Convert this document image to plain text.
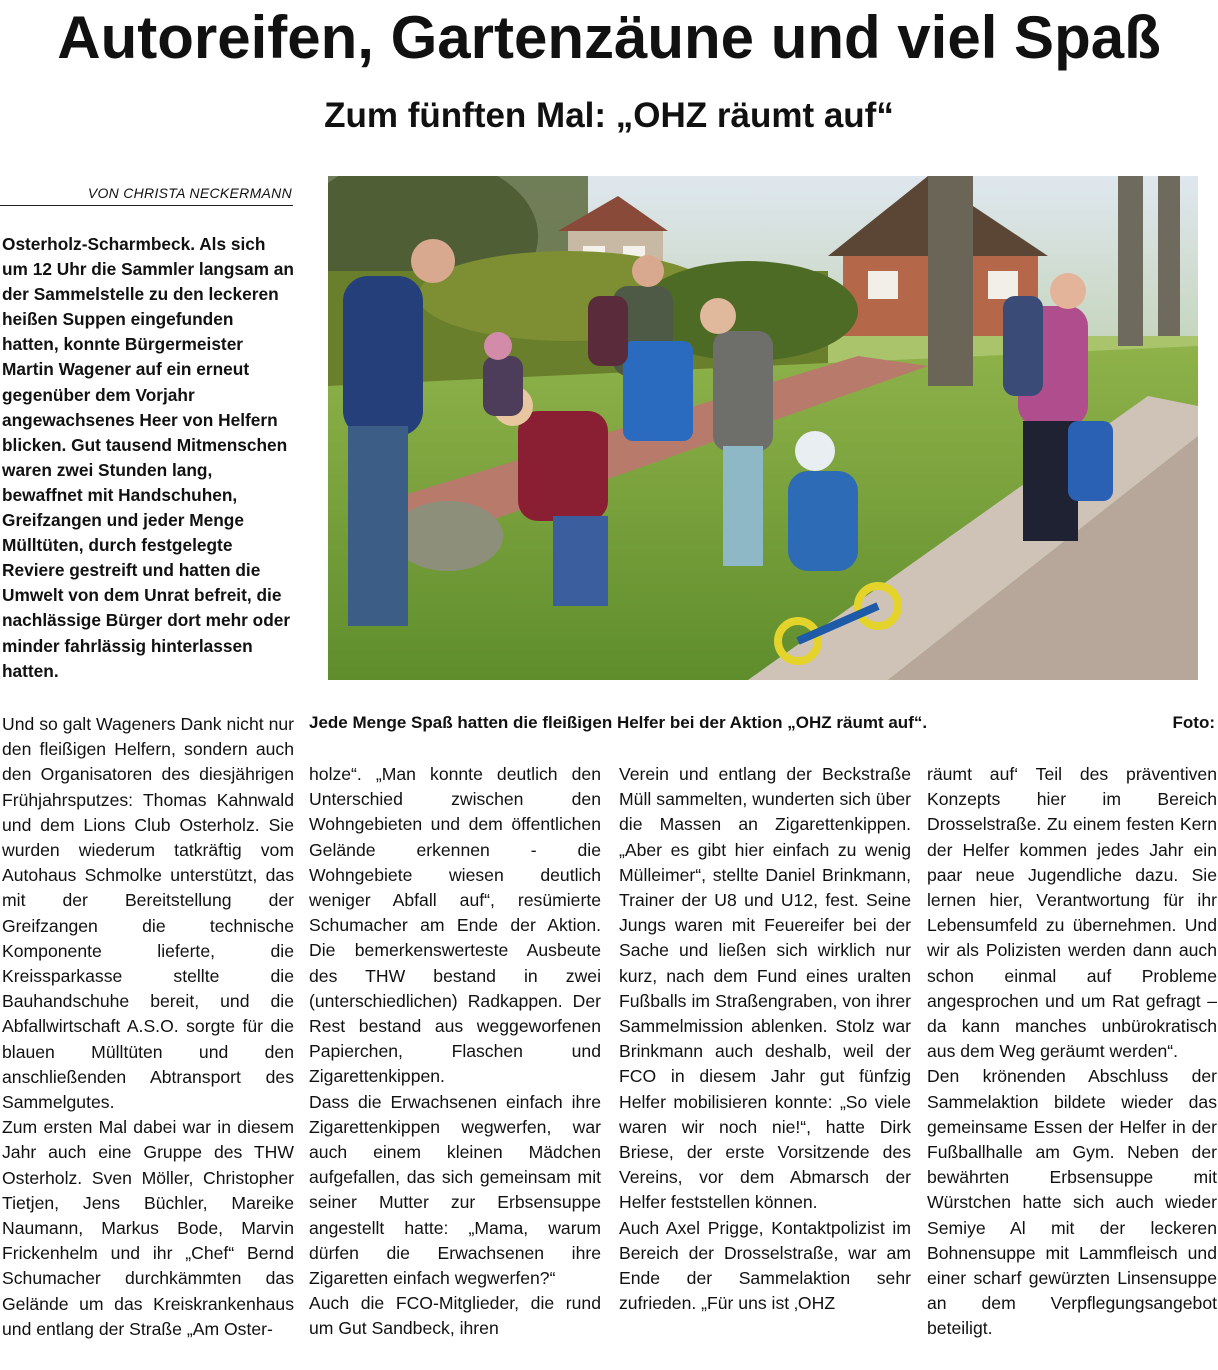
Autoreifen, Gartenzäune und viel Spaß
Zum fünften Mal: „OHZ räumt auf“
VON CHRISTA NECKERMANN

Osterholz-Scharmbeck. Als sich um 12 Uhr die Sammler langsam an der Sammelstelle zu den leckeren heißen Suppen eingefunden hatten, konnte Bürgermeister Martin Wagener auf ein erneut gegenüber dem Vorjahr angewachsenes Heer von Helfern blicken. Gut tausend Mitmenschen waren zwei Stunden lang, bewaffnet mit Handschuhen, Greifzangen und jeder Menge Mülltüten, durch festgelegte Reviere gestreift und hatten die Umwelt von dem Unrat befreit, die nachlässige Bürger dort mehr oder minder fahrlässig hinterlassen hatten.

Jede Menge Spaß hatten die fleißigen Helfer bei der Aktion „OHZ räumt auf“.	Foto:

Und so galt Wageners Dank nicht nur den fleißigen Helfern, sondern auch den Organisatoren des diesjährigen Frühjahrsputzes: Thomas Kahnwald und dem Lions Club Osterholz. Sie wurden wiederum tatkräftig vom Autohaus Schmolke unterstützt, das mit der Bereitstellung der Greifzangen die technische Komponente lieferte, die Kreissparkasse stellte die Bauhandschuhe bereit, und die Abfallwirtschaft A.S.O. sorgte für die blauen Mülltüten und den anschließenden Abtransport des Sammelgutes.

Zum ersten Mal dabei war in diesem Jahr auch eine Gruppe des THW Osterholz. Sven Möller, Christopher Tietjen, Jens Büchler, Mareike Naumann, Markus Bode, Marvin Frickenhelm und ihr „Chef“ Bernd Schumacher durchkämmten das Gelände um das Kreiskrankenhaus und entlang der Straße „Am Oster-

holze“. „Man konnte deutlich den Unterschied zwischen den Wohngebieten und dem öffentlichen Gelände erkennen - die Wohngebiete wiesen deutlich weniger Abfall auf“, resümierte Schumacher am Ende der Aktion. Die bemerkenswerteste Ausbeute des THW bestand in zwei (unterschiedlichen) Radkappen. Der Rest bestand aus weggeworfenen Papierchen, Flaschen und Zigarettenkippen.

Dass die Erwachsenen einfach ihre Zigarettenkippen wegwerfen, war auch einem kleinen Mädchen aufgefallen, das sich gemeinsam mit seiner Mutter zur Erbsensuppe angestellt hatte: „Mama, warum dürfen die Erwachsenen ihre Zigaretten einfach wegwerfen?“

Auch die FCO-Mitglieder, die rund um Gut Sandbeck, ihren

Verein und entlang der Beckstraße Müll sammelten, wunderten sich über die Massen an Zigarettenkippen. „Aber es gibt hier einfach zu wenig Mülleimer“, stellte Daniel Brinkmann, Trainer der U8 und U12, fest. Seine Jungs waren mit Feuereifer bei der Sache und ließen sich wirklich nur kurz, nach dem Fund eines uralten Fußballs im Straßengraben, von ihrer Sammelmission ablenken. Stolz war Brinkmann auch deshalb, weil der FCO in diesem Jahr gut fünfzig Helfer mobilisieren konnte: „So viele waren wir noch nie!“, hatte Dirk Briese, der erste Vorsitzende des Vereins, vor dem Abmarsch der Helfer feststellen können.

Auch Axel Prigge, Kontaktpolizist im Bereich der Drosselstraße, war am Ende der Sammelaktion sehr zufrieden. „Für uns ist ‚OHZ

räumt auf‘ Teil des präventiven Konzepts hier im Bereich Drosselstraße. Zu einem festen Kern der Helfer kommen jedes Jahr ein paar neue Jugendliche dazu. Sie lernen hier, Verantwortung für ihr Lebensumfeld zu übernehmen. Und wir als Polizisten werden dann auch schon einmal auf Probleme angesprochen und um Rat gefragt – da kann manches unbürokratisch aus dem Weg geräumt werden“.

Den krönenden Abschluss der Sammelaktion bildete wieder das gemeinsame Essen der Helfer in der Fußballhalle am Gym. Neben der bewährten Erbsensuppe mit Würstchen hatte sich auch wieder Semiye Al mit der leckeren Bohnensuppe mit Lammfleisch und einer scharf gewürzten Linsensuppe an dem Verpflegungsangebot beteiligt.
